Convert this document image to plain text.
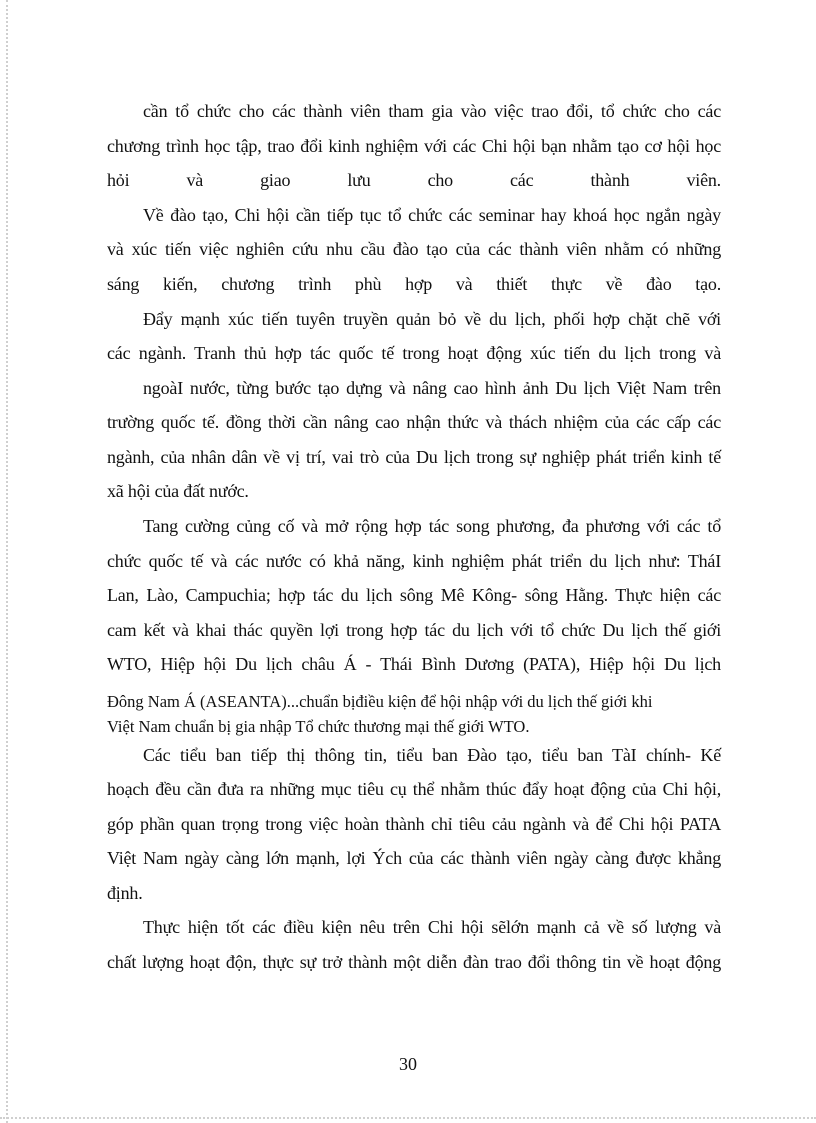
cần tổ chức cho các thành viên tham gia vào việc trao đổi, tổ chức cho các
chương trình học tập, trao đổi kinh nghiệm với các Chi hội bạn nhằm tạo cơ hội học
hỏi và giao lưu cho các thành viên.
Về đào tạo, Chi hội cần tiếp tục tổ chức các seminar hay khoá học ngắn ngày
và xúc tiến việc nghiên cứu nhu cầu đào tạo của các thành viên nhằm có những
sáng kiến, chương trình phù hợp và thiết thực về đào tạo.
Đẩy mạnh xúc tiến tuyên truyền quản bỏ về du lịch, phối hợp chặt chẽ với
các ngành. Tranh thủ hợp tác quốc tế trong hoạt động xúc tiến du lịch trong và
ngoàI nước, từng bước tạo dựng và nâng cao hình ảnh Du lịch Việt Nam trên
trường quốc tế. đồng thời cần nâng cao nhận thức và thách nhiệm của các cấp các
ngành, của nhân dân về vị trí, vai trò của Du lịch trong sự nghiệp phát triển kinh tế
xã hội của đất nước.
Tang cường củng cố và mở rộng hợp tác song phương, đa phương với các tổ
chức quốc tế và các nước có khả năng, kinh nghiệm phát triển du lịch như: TháI
Lan, Lào, Campuchia; hợp tác du lịch sông Mê Kông- sông Hằng. Thực hiện các
cam kết và khai thác quyền lợi trong hợp tác du lịch với tổ chức Du lịch thế giới
WTO, Hiệp hội Du lịch châu Á - Thái Bình Dương (PATA), Hiệp hội Du lịch
Đông Nam Á (ASEANTA)...chuẩn bịđiều kiện để hội nhập với du lịch thế giới khi
Việt Nam chuẩn bị gia nhập Tổ chức thương mại thế giới WTO.
Các tiểu ban tiếp thị thông tin, tiểu ban Đào tạo, tiểu ban TàI chính- Kế
hoạch đều cần đưa ra những mục tiêu cụ thể nhằm thúc đẩy hoạt động của Chi hội,
góp phần quan trọng trong việc hoàn thành chỉ tiêu cảu ngành và để Chi hội PATA
Việt Nam ngày càng lớn mạnh, lợi Ých của các thành viên ngày càng được khẳng
định.
Thực hiện tốt các điều kiện nêu trên Chi hội sẽlớn mạnh cả về số lượng và
chất lượng hoạt độn, thực sự trở thành một diễn đàn trao đổi thông tin về hoạt động
30
